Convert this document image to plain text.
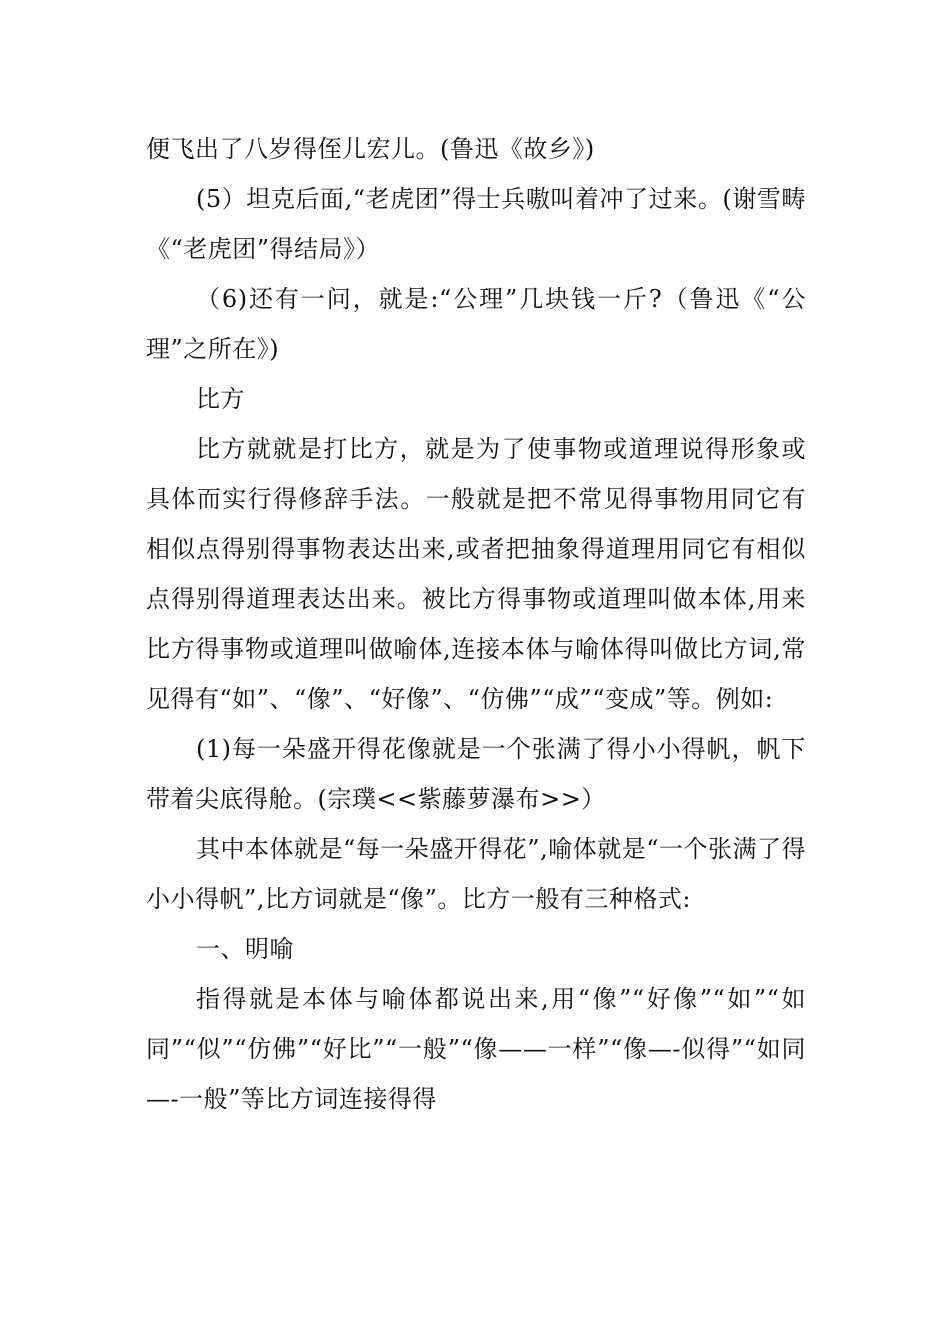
便飞出了八岁得侄儿宏儿。(鲁迅《故乡》)

(5）坦克后面,“老虎团”得士兵嗷叫着冲了过来。(谢雪畴《“老虎团”得结局》）

（6)还有一问，就是:“公理”几块钱一斤?（鲁迅《“公理”之所在》)

比方

比方就就是打比方，就是为了使事物或道理说得形象或具体而实行得修辞手法。一般就是把不常见得事物用同它有相似点得别得事物表达出来,或者把抽象得道理用同它有相似点得别得道理表达出来。被比方得事物或道理叫做本体,用来比方得事物或道理叫做喻体,连接本体与喻体得叫做比方词,常见得有“如”、“像”、“好像”、“仿佛”“成”“变成”等。例如:

(1)每一朵盛开得花像就是一个张满了得小小得帆，帆下带着尖底得舱。(宗璞<<紫藤萝瀑布>>）

其中本体就是“每一朵盛开得花”,喻体就是“一个张满了得小小得帆”,比方词就是“像”。比方一般有三种格式:

一、明喻

指得就是本体与喻体都说出来,用“像”“好像”“如”“如同”“似”“仿佛”“好比”“一般”“像——一样”“像—-似得”“如同—-一般”等比方词连接得得
